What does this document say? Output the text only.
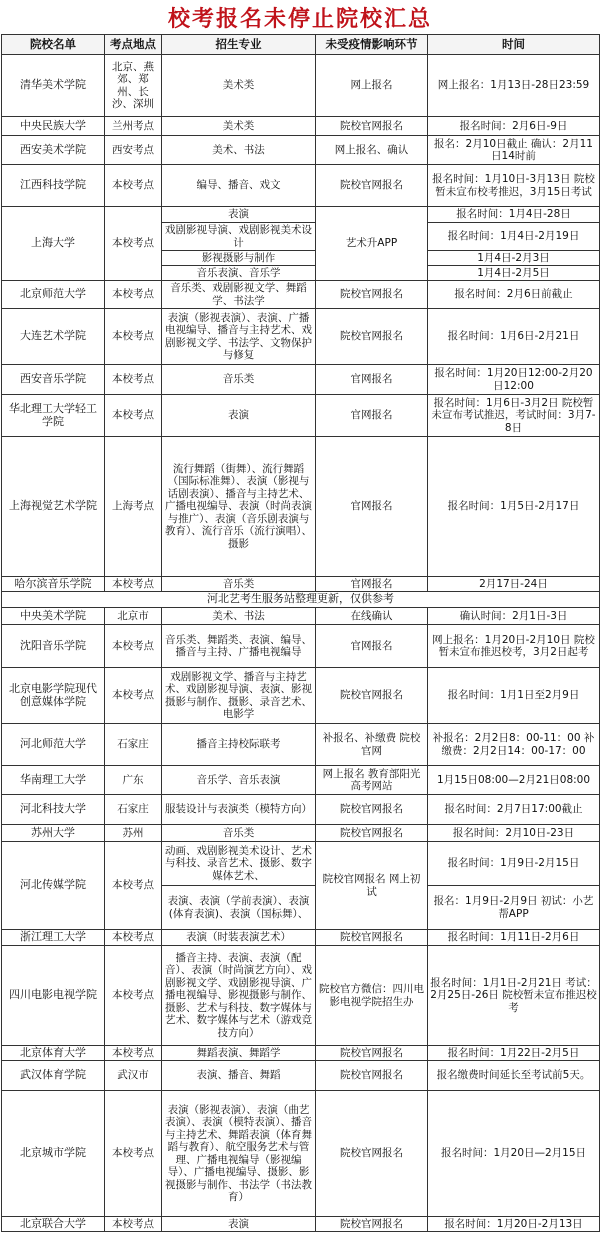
校考报名未停止院校汇总
院校名单	考点地点	招生专业	未受疫情影响环节	时间
清华美术学院	北京、燕郊、郑州、长沙、深圳	美术类	网上报名	网上报名：1月13日-28日23:59
中央民族大学	兰州考点	美术类	院校官网报名	报名时间：2月6日-9日
西安美术学院	西安考点	美术、书法	网上报名、确认	报名：2月10日截止 确认：2月11日14时前
江西科技学院	本校考点	编导、播音、戏文	院校官网报名	报名时间：1月10日-3月13日 院校暂未宣布校考推迟，3月15日考试
上海大学	本校考点	表演	艺术升APP	报名时间：1月4日-28日
		戏剧影视导演、戏剧影视美术设计		报名时间：1月4日-2月19日
		影视摄影与制作		1月4日-2月3日
		音乐表演、音乐学		1月4日-2月5日
北京师范大学	本校考点	音乐类、戏剧影视文学、舞蹈学、书法学	院校官网报名	报名时间：2月6日前截止
大连艺术学院	本校考点	表演（影视表演）、表演、广播电视编导、播音与主持艺术、戏剧影视文学、书法学、文物保护与修复	院校官网报名	报名时间：1月6日-2月21日
西安音乐学院	本校考点	音乐类	官网报名	报名时间：1月20日12:00-2月20日12:00
华北理工大学轻工学院	本校考点	表演	官网报名	报名时间：1月6日-3月2日 院校暂未宣布考试推迟，考试时间：3月7-8日
上海视觉艺术学院	上海考点	流行舞蹈（街舞）、流行舞蹈（国际标准舞）、表演（影视与话剧表演）、播音与主持艺术、广播电视编导、表演（时尚表演与推广）、表演（音乐剧表演与教育）、流行音乐（流行演唱）、摄影	官网报名	报名时间：1月5日-2月17日
哈尔滨音乐学院	本校考点	音乐类	官网报名	2月17日-24日
河北艺考生服务站整理更新，仅供参考				
中央美术学院	北京市	美术、书法	在线确认	确认时间：2月1日-3日
沈阳音乐学院	本校考点	音乐类、舞蹈类、表演、编导、播音与主持、广播电视编导	官网报名	网上报名：1月20日-2月10日 院校暂未宣布推迟校考，3月2日起考
北京电影学院现代创意媒体学院	本校考点	戏剧影视文学、播音与主持艺术、戏剧影视导演、表演、影视摄影与制作、摄影、录音艺术、电影学	院校官网报名	报名时间：1月1日至2月9日
河北师范大学	石家庄	播音主持校际联考	补报名、补缴费 院校官网	补报名：2月2日8：00-11：00 补缴费：2月2日14：00-17：00
华南理工大学	广东	音乐学、音乐表演	网上报名 教育部阳光高考网站	1月15日08:00—2月21日08:00
河北科技大学	石家庄	服装设计与表演类（模特方向）	院校官网报名	报名时间：2月7日17:00截止
苏州大学	苏州	音乐类	院校官网报名	报名时间：2月10日-23日
河北传媒学院	本校考点	动画、戏剧影视美术设计、艺术与科技、录音艺术、摄影、数字媒体艺术、	院校官网报名 网上初试	报名时间：1月9日-2月15日
		表演、表演（学前表演）、表演(体育表演)、表演（国标舞）、		报名：1月9日-2月9日 初试：小艺帮APP
浙江理工大学	本校考点	表演（时装表演艺术）	院校官网报名	报名时间：1月11日-2月6日
四川电影电视学院	本校考点	播音主持、表演、表演（配音）、表演（时尚演艺方向）、戏剧影视文学、戏剧影视导演、广播电视编导、影视摄影与制作、摄影、艺术与科技、数字媒体与艺术、数字媒体与艺术（游戏竞技方向）	院校官方微信：四川电影电视学院招生办	报名时间：1月1日-2月21日 考试：2月25日-26日 院校暂未宣布推迟校考
北京体育大学	本校考点	舞蹈表演、舞蹈学	院校官网报名	报名时间：1月22日-2月5日
武汉体育学院	武汉市	表演、播音、舞蹈	院校官网报名	报名缴费时间延长至考试前5天。
北京城市学院	本校考点	表演（影视表演）、表演（曲艺表演）、表演（模特表演）、播音与主持艺术、舞蹈表演（体育舞蹈与教育）、航空服务艺术与管理、广播电视编导（影视编导）、广播电视编导、摄影、影视摄影与制作、书法学（书法教育）	院校官网报名	报名时间：1月20日—2月15日
北京联合大学	本校考点	表演	院校官网报名	报名时间：1月20日-2月13日
